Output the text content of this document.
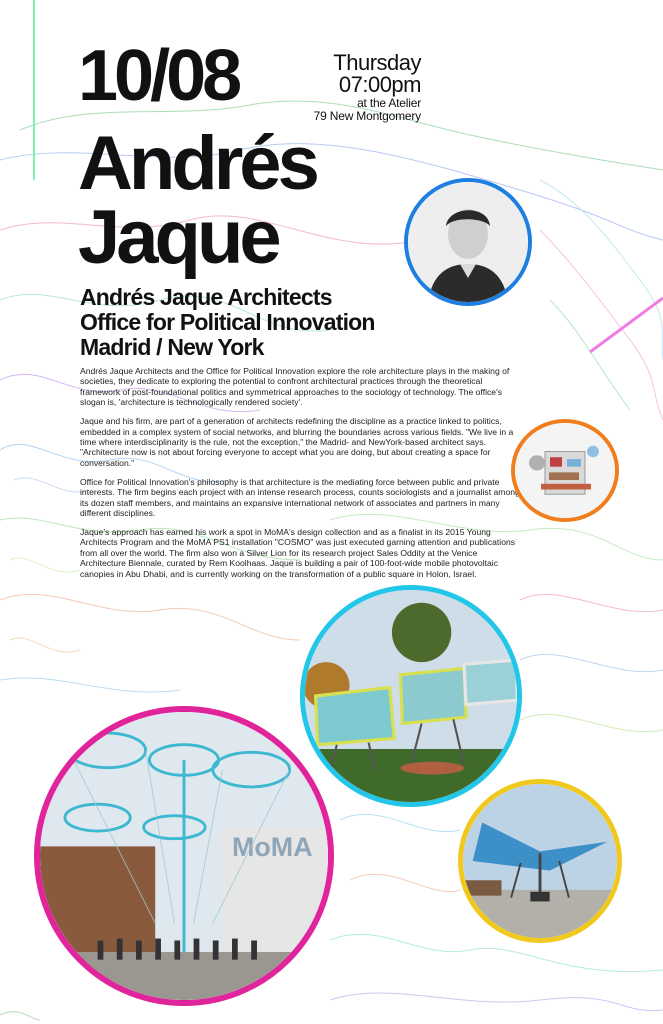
10/08	Thursday
07:00pm
at the Atelier
79 New Montgomery
Andrés
Jaque
Andrés Jaque Architects
Office for Political Innovation
Madrid / New York

Andrés Jaque Architects and the Office for Political Innovation explore the role architecture plays in the making of societies, they dedicate to exploring the potential to confront architectural practices through the theoretical framework of post-foundational politics and symmetrical approaches to the sociology of technology. The office's slogan is, 'architecture is technologically rendered society'.

Jaque and his firm, are part of a generation of architects redefining the discipline as a practice linked to politics, embedded in a complex system of social networks, and blurring the boundaries across various fields. "We live in a time where interdisciplinarity is the rule, not the exception," the Madrid- and NewYork-based architect says. "Architecture now is not about forcing everyone to accept what you are doing, but about creating a space for conversation."

Office for Political Innovation's philosophy is that architecture is the mediating force between public and private interests. The firm begins each project with an intense research process, counts sociologists and a journalist among its dozen staff members, and maintains an expansive international network of associates and partners in many different disciplines.

Jaque's approach has earned his work a spot in MoMA's design collection and as a finalist in its 2015 Young Architects Program and the MoMA PS1 installation "COSMO" was just executed garning attention and publications from all over the world. The firm also won a Silver Lion for its research project Sales Oddity at the Venice Architecture Biennale, curated by Rem Koolhaas. Jaque is building a pair of 100-foot-wide mobile photovoltaic canopies in Abu Dhabi, and is currently working on the transformation of a public square in Holon, Israel.

MoMA
